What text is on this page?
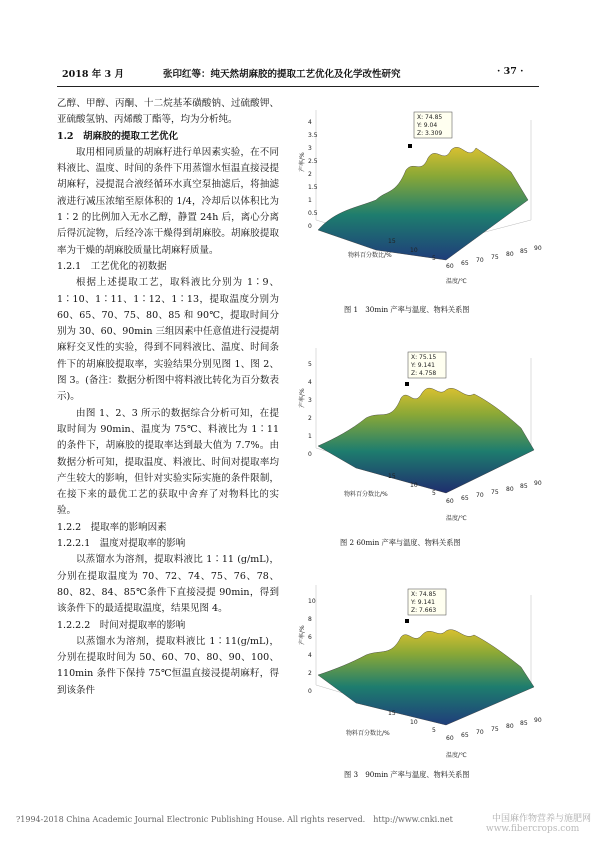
2018 年 3 月	张印红等：纯天然胡麻胶的提取工艺优化及化学改性研究	· 37 ·

乙醇、甲醇、丙酮、十二烷基苯磺酸钠、过硫酸钾、亚硫酸氢钠、丙烯酸丁酯等，均为分析纯。

1.2　胡麻胶的提取工艺优化

取用相同质量的胡麻籽进行单因素实验，在不同料液比、温度、时间的条件下用蒸馏水恒温直接浸提胡麻籽，浸提混合液经循环水真空泵抽滤后，将抽滤液进行减压浓缩至原体积的 1/4，冷却后以体积比为 1∶2 的比例加入无水乙醇，静置 24h 后，离心分离后得沉淀物，后经冷冻干燥得到胡麻胶。胡麻胶提取率为干燥的胡麻胶质量比胡麻籽质量。

1.2.1　工艺优化的初数据

根据上述提取工艺，取料液比分别为 1∶9、1∶10、1∶11、1∶12、1∶13，提取温度分别为 60、65、70、75、80、85 和 90℃，提取时间分别为 30、60、90min 三组因素中任意值进行浸提胡麻籽交叉性的实验，得到不同料液比、温度、时间条件下的胡麻胶提取率，实验结果分别见图 1、图 2、图 3。(备注：数据分析图中将料液比转化为百分数表示)。

由图 1、2、3 所示的数据综合分析可知，在提取时间为 90min、温度为 75℃、料液比为 1∶11 的条件下，胡麻胶的提取率达到最大值为 7.7%。由数据分析可知，提取温度、料液比、时间对提取率均产生较大的影响，但针对实验实际实施的条件限制，在接下来的最优工艺的获取中舍弃了对物料比的实验。

1.2.2　提取率的影响因素

1.2.2.1　温度对提取率的影响

以蒸馏水为溶剂，提取料液比 1∶11 (g/mL)，分别在提取温度为 70、72、74、75、76、78、80、82、84、85℃条件下直接浸提 90min，得到该条件下的最适提取温度，结果见图 4。

1.2.2.2　时间对提取率的影响

以蒸馏水为溶剂，提取料液比 1∶11(g/mL)，分别在提取时间为 50、60、70、80、90、100、110min 条件下保持 75℃恒温直接浸提胡麻籽，得到该条件

X: 74.85
Y: 9.04
Z: 3.309
产率/%
0
0.5
1
1.5
2
2.5
3
3.5
4
60 65 70 75 80 85 90
5
10
15
物料百分数比/%
温度/℃
图 1　30min 产率与温度、物料关系图
X: 75.15
Y: 9.141
Z: 4.758
产率/%
0
1
2
3
4
5
60 65 70 75 80 85 90
5
10
15
物料百分数比/%
温度/℃
图 2 60min 产率与温度、物料关系图
X: 74.85
Y: 9.141
Z: 7.663
产率/%
0
2
4
6
8
10
60 65 70 75 80 85 90
5
10
15
物料百分数比/%
温度/℃
图 3　90min 产率与温度、物料关系图
?1994-2018 China Academic Journal Electronic Publishing House. All rights reserved.　http://www.cnki.net	中国麻作物营养与施肥网
www.fibercrops.com
